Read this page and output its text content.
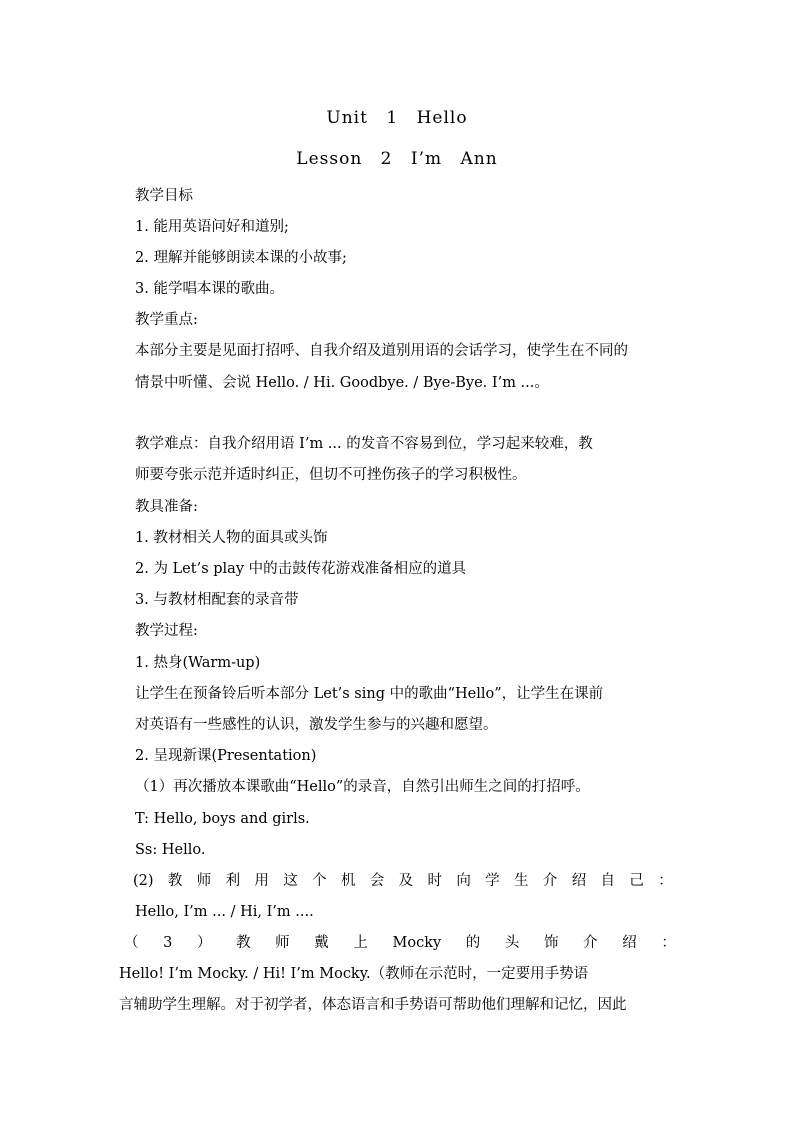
Unit 1 Hello
Lesson 2 I’m Ann
教学目标
1. 能用英语问好和道别;
2. 理解并能够朗读本课的小故事;
3. 能学唱本课的歌曲。
教学重点:
本部分主要是见面打招呼、自我介绍及道别用语的会话学习，使学生在不同的
情景中听懂、会说 Hello. / Hi. Goodbye. / Bye-Bye. I’m ...。
教学难点：自我介绍用语 I’m ... 的发音不容易到位，学习起来较难，教
师要夸张示范并适时纠正，但切不可挫伤孩子的学习积极性。
教具准备:
1. 教材相关人物的面具或头饰
2. 为 Let’s play 中的击鼓传花游戏准备相应的道具
3. 与教材相配套的录音带
教学过程:
1. 热身(Warm-up)
让学生在预备铃后听本部分 Let’s sing 中的歌曲“Hello”，让学生在课前
对英语有一些感性的认识，激发学生参与的兴趣和愿望。
2. 呈现新课(Presentation)
（1）再次播放本课歌曲“Hello”的录音，自然引出师生之间的打招呼。
T: Hello, boys and girls.
Ss: Hello.
(2) 教 师 利 用 这 个 机 会 及 时 向 学 生 介 绍 自 己 ：
Hello, I’m ... / Hi, I’m ....
（ 3 ） 教 师 戴 上 Mocky 的 头 饰 介 绍 ：
Hello! I’m Mocky. / Hi! I’m Mocky.（教师在示范时，一定要用手势语
言辅助学生理解。对于初学者，体态语言和手势语可帮助他们理解和记忆，因此
